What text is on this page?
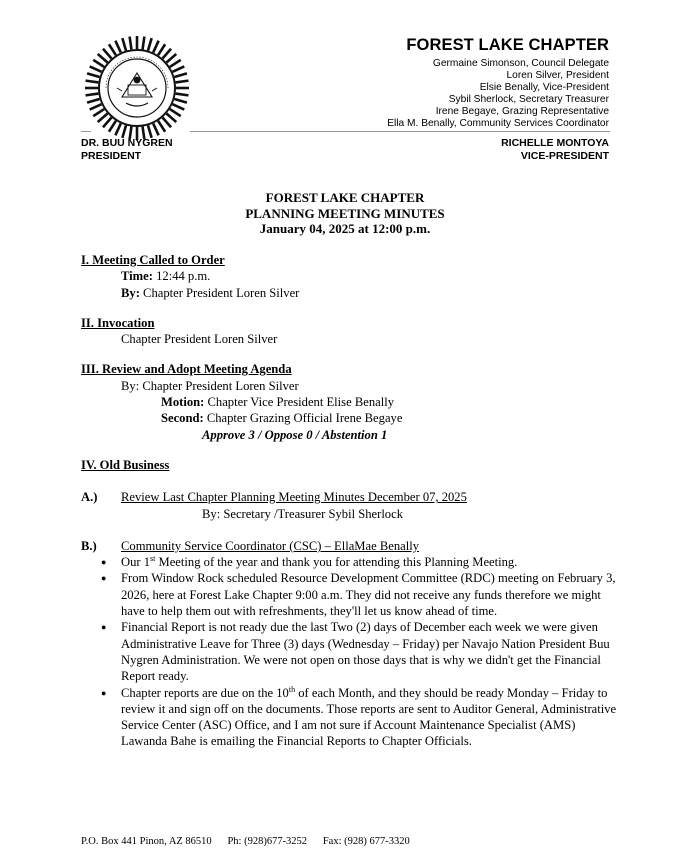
FOREST LAKE CHAPTER
Germaine Simonson, Council Delegate
Loren Silver, President
Elsie Benally, Vice-President
Sybil Sherlock, Secretary Treasurer
Irene Begaye, Grazing Representative
Ella M. Benally, Community Services Coordinator
DR. BUU NYGREN
PRESIDENT
RICHELLE MONTOYA
VICE-PRESIDENT
FOREST LAKE CHAPTER
PLANNING MEETING MINUTES
January 04, 2025 at 12:00 p.m.
I. Meeting Called to Order
Time: 12:44 p.m.
By: Chapter President Loren Silver
II. Invocation
Chapter President Loren Silver
III. Review and Adopt Meeting Agenda
By: Chapter President Loren Silver
Motion: Chapter Vice President Elise Benally
Second: Chapter Grazing Official Irene Begaye
Approve 3 / Oppose 0 / Abstention 1
IV. Old Business
A.)	Review Last Chapter Planning Meeting Minutes December 07, 2025
By: Secretary /Treasurer Sybil Sherlock
B.)	Community Service Coordinator (CSC) – EllaMae Benally
● Our 1st Meeting of the year and thank you for attending this Planning Meeting.
● From Window Rock scheduled Resource Development Committee (RDC) meeting on February 3, 2026, here at Forest Lake Chapter 9:00 a.m. They did not receive any funds therefore we might have to help them out with refreshments, they'll let us know ahead of time.
● Financial Report is not ready due the last Two (2) days of December each week we were given Administrative Leave for Three (3) days (Wednesday – Friday) per Navajo Nation President Buu Nygren Administration. We were not open on those days that is why we didn't get the Financial Report ready.
● Chapter reports are due on the 10th of each Month, and they should be ready Monday – Friday to review it and sign off on the documents. Those reports are sent to Auditor General, Administrative Service Center (ASC) Office, and I am not sure if Account Maintenance Specialist (AMS) Lawanda Bahe is emailing the Financial Reports to Chapter Officials.
P.O. Box 441 Pinon, AZ 86510 Ph: (928)677-3252 Fax: (928) 677-3320
